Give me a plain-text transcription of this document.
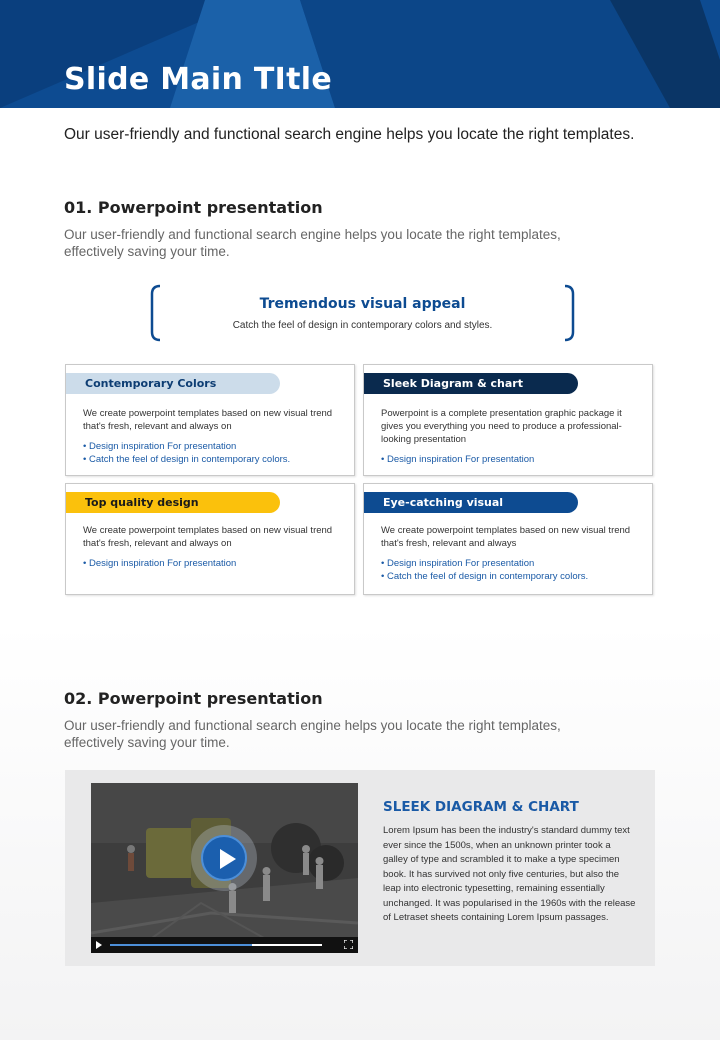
Slide Main TItle
Our user-friendly and functional search engine helps you locate the right templates.
01. Powerpoint presentation
Our user-friendly and functional search engine helps you locate the right templates, effectively saving your time.
Tremendous visual appeal
Catch the feel of design in contemporary colors and styles.
Contemporary Colors
We create powerpoint templates based on new visual trend that's fresh, relevant and always on
• Design inspiration For presentation
• Catch the feel of design in contemporary colors.
Sleek Diagram & chart
Powerpoint is a complete presentation graphic package it gives you everything you need to produce a professional-looking presentation
• Design inspiration For presentation
Top quality design
We create powerpoint templates based on new visual trend that's fresh, relevant and always on
• Design inspiration For presentation
Eye-catching visual
We create powerpoint templates based on new visual trend that's fresh, relevant and always
• Design inspiration For presentation
• Catch the feel of design in contemporary colors.
02. Powerpoint presentation
Our user-friendly and functional search engine helps you locate the right templates, effectively saving your time.
SLEEK DIAGRAM & CHART
Lorem Ipsum has been the industry's standard dummy text ever since the 1500s, when an unknown printer took a galley of type and scrambled it to make a type specimen book. It has survived not only five centuries, but also the leap into electronic typesetting, remaining essentially unchanged. It was popularised in the 1960s with the release of Letraset sheets containing Lorem Ipsum passages.
